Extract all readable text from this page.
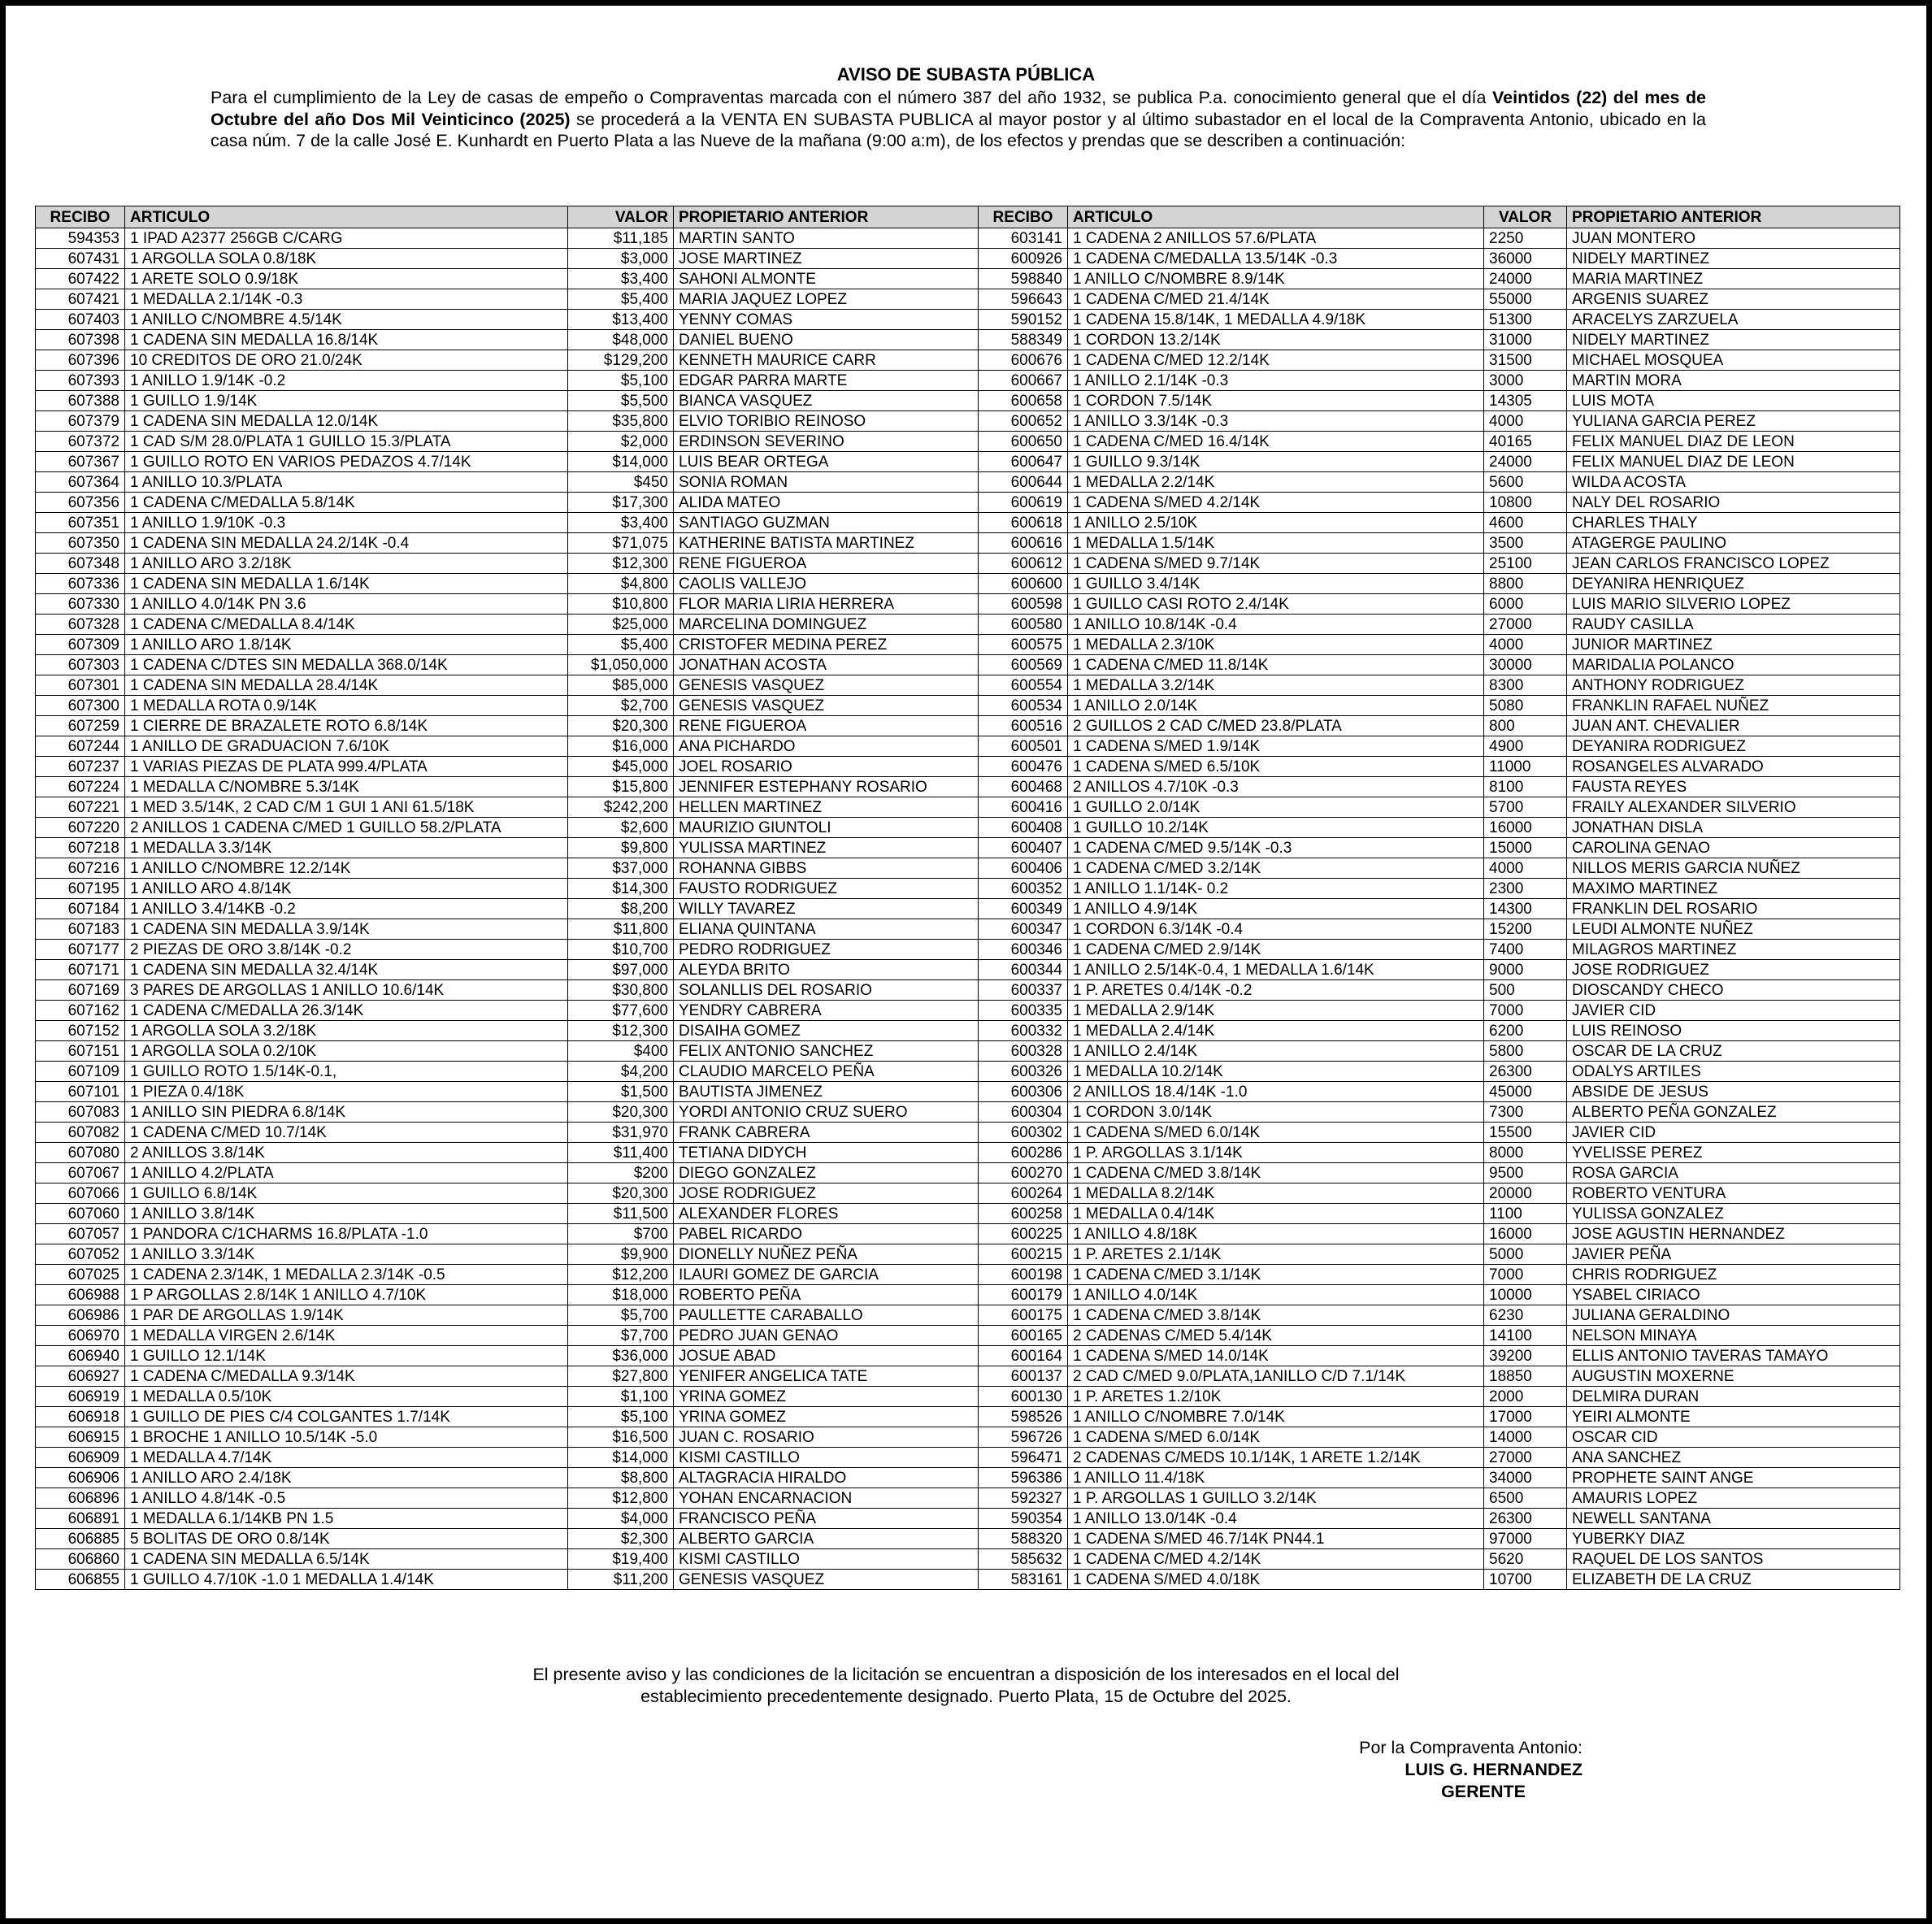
AVISO DE SUBASTA PÚBLICA
Para el cumplimiento de la Ley de casas de empeño o Compraventas marcada con el número 387 del año 1932, se publica P.a. conocimiento general que el día Veintidos (22) del mes de Octubre del año Dos Mil Veinticinco (2025) se procederá a la VENTA EN SUBASTA PUBLICA al mayor postor y al último subastador en el local de la Compraventa Antonio, ubicado en la casa núm. 7 de la calle José E. Kunhardt en Puerto Plata a las Nueve de la mañana (9:00 a:m), de los efectos y prendas que se describen a continuación:
RECIBO	ARTICULO	VALOR	PROPIETARIO ANTERIOR	RECIBO	ARTICULO	VALOR	PROPIETARIO ANTERIOR
594353	1 IPAD A2377 256GB C/CARG	$11,185	MARTIN SANTO	603141	1 CADENA 2 ANILLOS 57.6/PLATA	2250	JUAN MONTERO
607431	1 ARGOLLA SOLA 0.8/18K	$3,000	JOSE MARTINEZ	600926	1 CADENA C/MEDALLA 13.5/14K -0.3	36000	NIDELY MARTINEZ
607422	1 ARETE SOLO 0.9/18K	$3,400	SAHONI ALMONTE	598840	1 ANILLO C/NOMBRE 8.9/14K	24000	MARIA MARTINEZ
607421	1 MEDALLA 2.1/14K -0.3	$5,400	MARIA JAQUEZ LOPEZ	596643	1 CADENA C/MED 21.4/14K	55000	ARGENIS SUAREZ
607403	1 ANILLO C/NOMBRE 4.5/14K	$13,400	YENNY COMAS	590152	1 CADENA 15.8/14K, 1 MEDALLA 4.9/18K	51300	ARACELYS ZARZUELA
607398	1 CADENA SIN MEDALLA 16.8/14K	$48,000	DANIEL BUENO	588349	1 CORDON 13.2/14K	31000	NIDELY MARTINEZ
607396	10 CREDITOS DE ORO 21.0/24K	$129,200	KENNETH MAURICE CARR	600676	1 CADENA C/MED 12.2/14K	31500	MICHAEL MOSQUEA
607393	1 ANILLO 1.9/14K -0.2	$5,100	EDGAR PARRA MARTE	600667	1 ANILLO 2.1/14K -0.3	3000	MARTIN MORA
607388	1 GUILLO 1.9/14K	$5,500	BIANCA VASQUEZ	600658	1 CORDON 7.5/14K	14305	LUIS MOTA
607379	1 CADENA SIN MEDALLA 12.0/14K	$35,800	ELVIO TORIBIO REINOSO	600652	1 ANILLO 3.3/14K -0.3	4000	YULIANA GARCIA PEREZ
607372	1 CAD S/M 28.0/PLATA 1 GUILLO 15.3/PLATA	$2,000	ERDINSON SEVERINO	600650	1 CADENA C/MED 16.4/14K	40165	FELIX MANUEL DIAZ DE LEON
607367	1 GUILLO ROTO EN VARIOS PEDAZOS 4.7/14K	$14,000	LUIS BEAR ORTEGA	600647	1 GUILLO 9.3/14K	24000	FELIX MANUEL DIAZ DE LEON
607364	1 ANILLO 10.3/PLATA	$450	SONIA ROMAN	600644	1 MEDALLA 2.2/14K	5600	WILDA ACOSTA
607356	1 CADENA C/MEDALLA 5.8/14K	$17,300	ALIDA MATEO	600619	1 CADENA S/MED 4.2/14K	10800	NALY DEL ROSARIO
607351	1 ANILLO 1.9/10K -0.3	$3,400	SANTIAGO GUZMAN	600618	1 ANILLO 2.5/10K	4600	CHARLES THALY
607350	1 CADENA SIN MEDALLA 24.2/14K -0.4	$71,075	KATHERINE BATISTA MARTINEZ	600616	1 MEDALLA 1.5/14K	3500	ATAGERGE PAULINO
607348	1 ANILLO ARO 3.2/18K	$12,300	RENE FIGUEROA	600612	1 CADENA S/MED 9.7/14K	25100	JEAN CARLOS FRANCISCO LOPEZ
607336	1 CADENA SIN MEDALLA 1.6/14K	$4,800	CAOLIS VALLEJO	600600	1 GUILLO 3.4/14K	8800	DEYANIRA HENRIQUEZ
607330	1 ANILLO 4.0/14K PN 3.6	$10,800	FLOR MARIA LIRIA HERRERA	600598	1 GUILLO CASI ROTO 2.4/14K	6000	LUIS MARIO SILVERIO LOPEZ
607328	1 CADENA C/MEDALLA 8.4/14K	$25,000	MARCELINA DOMINGUEZ	600580	1 ANILLO 10.8/14K -0.4	27000	RAUDY CASILLA
607309	1 ANILLO ARO 1.8/14K	$5,400	CRISTOFER MEDINA PEREZ	600575	1 MEDALLA 2.3/10K	4000	JUNIOR MARTINEZ
607303	1 CADENA C/DTES SIN MEDALLA 368.0/14K	$1,050,000	JONATHAN ACOSTA	600569	1 CADENA C/MED 11.8/14K	30000	MARIDALIA POLANCO
607301	1 CADENA SIN MEDALLA 28.4/14K	$85,000	GENESIS VASQUEZ	600554	1 MEDALLA 3.2/14K	8300	ANTHONY RODRIGUEZ
607300	1 MEDALLA ROTA 0.9/14K	$2,700	GENESIS VASQUEZ	600534	1 ANILLO 2.0/14K	5080	FRANKLIN RAFAEL NUÑEZ
607259	1 CIERRE DE BRAZALETE ROTO 6.8/14K	$20,300	RENE FIGUEROA	600516	2 GUILLOS 2 CAD C/MED 23.8/PLATA	800	JUAN ANT. CHEVALIER
607244	1 ANILLO DE GRADUACION 7.6/10K	$16,000	ANA PICHARDO	600501	1 CADENA S/MED 1.9/14K	4900	DEYANIRA RODRIGUEZ
607237	1 VARIAS PIEZAS DE PLATA 999.4/PLATA	$45,000	JOEL ROSARIO	600476	1 CADENA S/MED 6.5/10K	11000	ROSANGELES ALVARADO
607224	1 MEDALLA C/NOMBRE 5.3/14K	$15,800	JENNIFER ESTEPHANY ROSARIO	600468	2 ANILLOS 4.7/10K -0.3	8100	FAUSTA REYES
607221	1 MED 3.5/14K, 2 CAD C/M 1 GUI 1 ANI 61.5/18K	$242,200	HELLEN MARTINEZ	600416	1 GUILLO 2.0/14K	5700	FRAILY ALEXANDER SILVERIO
607220	2 ANILLOS 1 CADENA C/MED 1 GUILLO 58.2/PLATA	$2,600	MAURIZIO GIUNTOLI	600408	1 GUILLO 10.2/14K	16000	JONATHAN DISLA
607218	1 MEDALLA 3.3/14K	$9,800	YULISSA MARTINEZ	600407	1 CADENA C/MED 9.5/14K -0.3	15000	CAROLINA GENAO
607216	1 ANILLO C/NOMBRE 12.2/14K	$37,000	ROHANNA GIBBS	600406	1 CADENA C/MED 3.2/14K	4000	NILLOS MERIS GARCIA NUÑEZ
607195	1 ANILLO ARO 4.8/14K	$14,300	FAUSTO RODRIGUEZ	600352	1 ANILLO 1.1/14K- 0.2	2300	MAXIMO MARTINEZ
607184	1 ANILLO 3.4/14KB -0.2	$8,200	WILLY TAVAREZ	600349	1 ANILLO 4.9/14K	14300	FRANKLIN DEL ROSARIO
607183	1 CADENA SIN MEDALLA 3.9/14K	$11,800	ELIANA QUINTANA	600347	1 CORDON 6.3/14K -0.4	15200	LEUDI ALMONTE NUÑEZ
607177	2 PIEZAS DE ORO 3.8/14K -0.2	$10,700	PEDRO RODRIGUEZ	600346	1 CADENA C/MED 2.9/14K	7400	MILAGROS MARTINEZ
607171	1 CADENA SIN MEDALLA 32.4/14K	$97,000	ALEYDA BRITO	600344	1 ANILLO 2.5/14K-0.4, 1 MEDALLA 1.6/14K	9000	JOSE RODRIGUEZ
607169	3 PARES DE ARGOLLAS 1 ANILLO 10.6/14K	$30,800	SOLANLLIS DEL ROSARIO	600337	1 P. ARETES 0.4/14K -0.2	500	DIOSCANDY CHECO
607162	1 CADENA C/MEDALLA 26.3/14K	$77,600	YENDRY CABRERA	600335	1 MEDALLA 2.9/14K	7000	JAVIER CID
607152	1 ARGOLLA SOLA 3.2/18K	$12,300	DISAIHA GOMEZ	600332	1 MEDALLA 2.4/14K	6200	LUIS REINOSO
607151	1 ARGOLLA SOLA 0.2/10K	$400	FELIX ANTONIO SANCHEZ	600328	1 ANILLO 2.4/14K	5800	OSCAR DE LA CRUZ
607109	1 GUILLO ROTO 1.5/14K-0.1,	$4,200	CLAUDIO MARCELO PEÑA	600326	1 MEDALLA 10.2/14K	26300	ODALYS ARTILES
607101	1 PIEZA 0.4/18K	$1,500	BAUTISTA JIMENEZ	600306	2 ANILLOS 18.4/14K -1.0	45000	ABSIDE DE JESUS
607083	1 ANILLO SIN PIEDRA 6.8/14K	$20,300	YORDI ANTONIO CRUZ SUERO	600304	1 CORDON 3.0/14K	7300	ALBERTO PEÑA GONZALEZ
607082	1 CADENA C/MED 10.7/14K	$31,970	FRANK CABRERA	600302	1 CADENA S/MED 6.0/14K	15500	JAVIER CID
607080	2 ANILLOS 3.8/14K	$11,400	TETIANA DIDYCH	600286	1 P. ARGOLLAS 3.1/14K	8000	YVELISSE PEREZ
607067	1 ANILLO 4.2/PLATA	$200	DIEGO GONZALEZ	600270	1 CADENA C/MED 3.8/14K	9500	ROSA GARCIA
607066	1 GUILLO 6.8/14K	$20,300	JOSE RODRIGUEZ	600264	1 MEDALLA 8.2/14K	20000	ROBERTO VENTURA
607060	1 ANILLO 3.8/14K	$11,500	ALEXANDER FLORES	600258	1 MEDALLA 0.4/14K	1100	YULISSA GONZALEZ
607057	1 PANDORA C/1CHARMS 16.8/PLATA -1.0	$700	PABEL RICARDO	600225	1 ANILLO 4.8/18K	16000	JOSE AGUSTIN HERNANDEZ
607052	1 ANILLO 3.3/14K	$9,900	DIONELLY NUÑEZ PEÑA	600215	1 P. ARETES 2.1/14K	5000	JAVIER PEÑA
607025	1 CADENA 2.3/14K, 1 MEDALLA 2.3/14K -0.5	$12,200	ILAURI GOMEZ DE GARCIA	600198	1 CADENA C/MED 3.1/14K	7000	CHRIS RODRIGUEZ
606988	1 P ARGOLLAS 2.8/14K 1 ANILLO 4.7/10K	$18,000	ROBERTO PEÑA	600179	1 ANILLO 4.0/14K	10000	YSABEL CIRIACO
606986	1 PAR DE ARGOLLAS 1.9/14K	$5,700	PAULLETTE CARABALLO	600175	1 CADENA C/MED 3.8/14K	6230	JULIANA GERALDINO
606970	1 MEDALLA VIRGEN 2.6/14K	$7,700	PEDRO JUAN GENAO	600165	2 CADENAS C/MED 5.4/14K	14100	NELSON MINAYA
606940	1 GUILLO 12.1/14K	$36,000	JOSUE ABAD	600164	1 CADENA S/MED 14.0/14K	39200	ELLIS ANTONIO TAVERAS TAMAYO
606927	1 CADENA C/MEDALLA 9.3/14K	$27,800	YENIFER ANGELICA TATE	600137	2 CAD C/MED 9.0/PLATA,1ANILLO C/D 7.1/14K	18850	AUGUSTIN MOXERNE
606919	1 MEDALLA 0.5/10K	$1,100	YRINA GOMEZ	600130	1 P. ARETES 1.2/10K	2000	DELMIRA DURAN
606918	1 GUILLO DE PIES C/4 COLGANTES 1.7/14K	$5,100	YRINA GOMEZ	598526	1 ANILLO C/NOMBRE 7.0/14K	17000	YEIRI ALMONTE
606915	1 BROCHE 1 ANILLO 10.5/14K -5.0	$16,500	JUAN C. ROSARIO	596726	1 CADENA S/MED 6.0/14K	14000	OSCAR CID
606909	1 MEDALLA 4.7/14K	$14,000	KISMI CASTILLO	596471	2 CADENAS C/MEDS 10.1/14K, 1 ARETE 1.2/14K	27000	ANA SANCHEZ
606906	1 ANILLO ARO 2.4/18K	$8,800	ALTAGRACIA HIRALDO	596386	1 ANILLO 11.4/18K	34000	PROPHETE SAINT ANGE
606896	1 ANILLO 4.8/14K -0.5	$12,800	YOHAN ENCARNACION	592327	1 P. ARGOLLAS 1 GUILLO 3.2/14K	6500	AMAURIS LOPEZ
606891	1 MEDALLA 6.1/14KB PN 1.5	$4,000	FRANCISCO PEÑA	590354	1 ANILLO 13.0/14K -0.4	26300	NEWELL SANTANA
606885	5 BOLITAS DE ORO 0.8/14K	$2,300	ALBERTO GARCIA	588320	1 CADENA S/MED 46.7/14K PN44.1	97000	YUBERKY DIAZ
606860	1 CADENA SIN MEDALLA 6.5/14K	$19,400	KISMI CASTILLO	585632	1 CADENA C/MED 4.2/14K	5620	RAQUEL DE LOS SANTOS
606855	1 GUILLO 4.7/10K -1.0 1 MEDALLA 1.4/14K	$11,200	GENESIS VASQUEZ	583161	1 CADENA S/MED 4.0/18K	10700	ELIZABETH DE LA CRUZ
El presente aviso y las condiciones de la licitación se encuentran a disposición de los interesados en el local del
establecimiento precedentemente designado. Puerto Plata, 15 de Octubre del 2025.
Por la Compraventa Antonio:
LUIS G. HERNANDEZ
GERENTE
